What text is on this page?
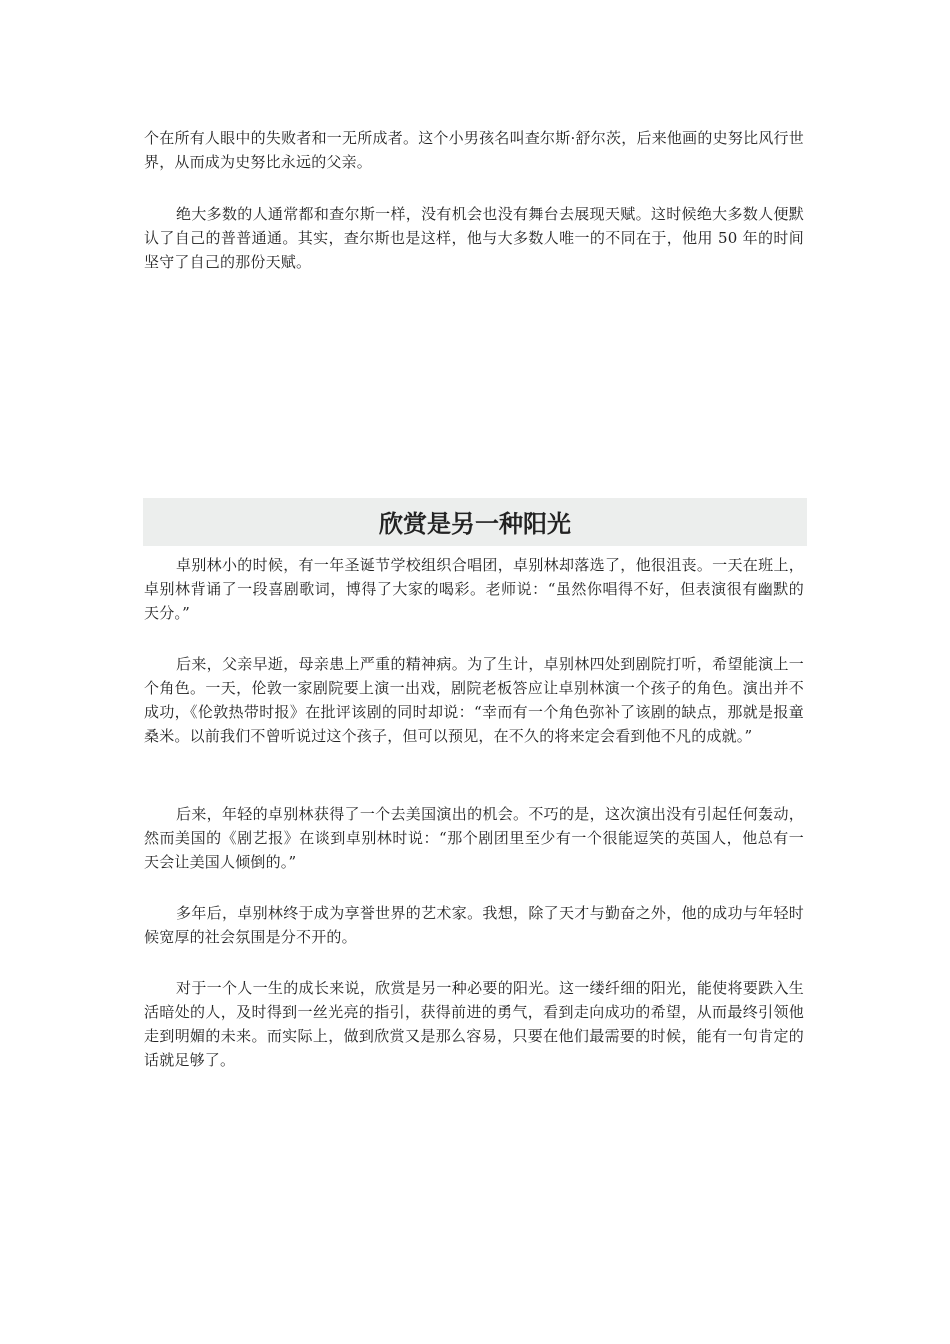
个在所有人眼中的失败者和一无所成者。这个小男孩名叫查尔斯·舒尔茨，后来他画的史努比风行世界，从而成为史努比永远的父亲。

绝大多数的人通常都和查尔斯一样，没有机会也没有舞台去展现天赋。这时候绝大多数人便默认了自己的普普通通。其实，查尔斯也是这样，他与大多数人唯一的不同在于，他用 50 年的时间坚守了自己的那份天赋。

欣赏是另一种阳光

卓别林小的时候，有一年圣诞节学校组织合唱团，卓别林却落选了，他很沮丧。一天在班上，卓别林背诵了一段喜剧歌词，博得了大家的喝彩。老师说：“虽然你唱得不好，但表演很有幽默的天分。”

后来，父亲早逝，母亲患上严重的精神病。为了生计，卓别林四处到剧院打听，希望能演上一个角色。一天，伦敦一家剧院要上演一出戏，剧院老板答应让卓别林演一个孩子的角色。演出并不成功，《伦敦热带时报》在批评该剧的同时却说：“幸而有一个角色弥补了该剧的缺点，那就是报童桑米。以前我们不曾听说过这个孩子，但可以预见，在不久的将来定会看到他不凡的成就。”

后来，年轻的卓别林获得了一个去美国演出的机会。不巧的是，这次演出没有引起任何轰动，然而美国的《剧艺报》在谈到卓别林时说：“那个剧团里至少有一个很能逗笑的英国人，他总有一天会让美国人倾倒的。”

多年后，卓别林终于成为享誉世界的艺术家。我想，除了天才与勤奋之外，他的成功与年轻时候宽厚的社会氛围是分不开的。

对于一个人一生的成长来说，欣赏是另一种必要的阳光。这一缕纤细的阳光，能使将要跌入生活暗处的人，及时得到一丝光亮的指引，获得前进的勇气，看到走向成功的希望，从而最终引领他走到明媚的未来。而实际上，做到欣赏又是那么容易，只要在他们最需要的时候，能有一句肯定的话就足够了。
